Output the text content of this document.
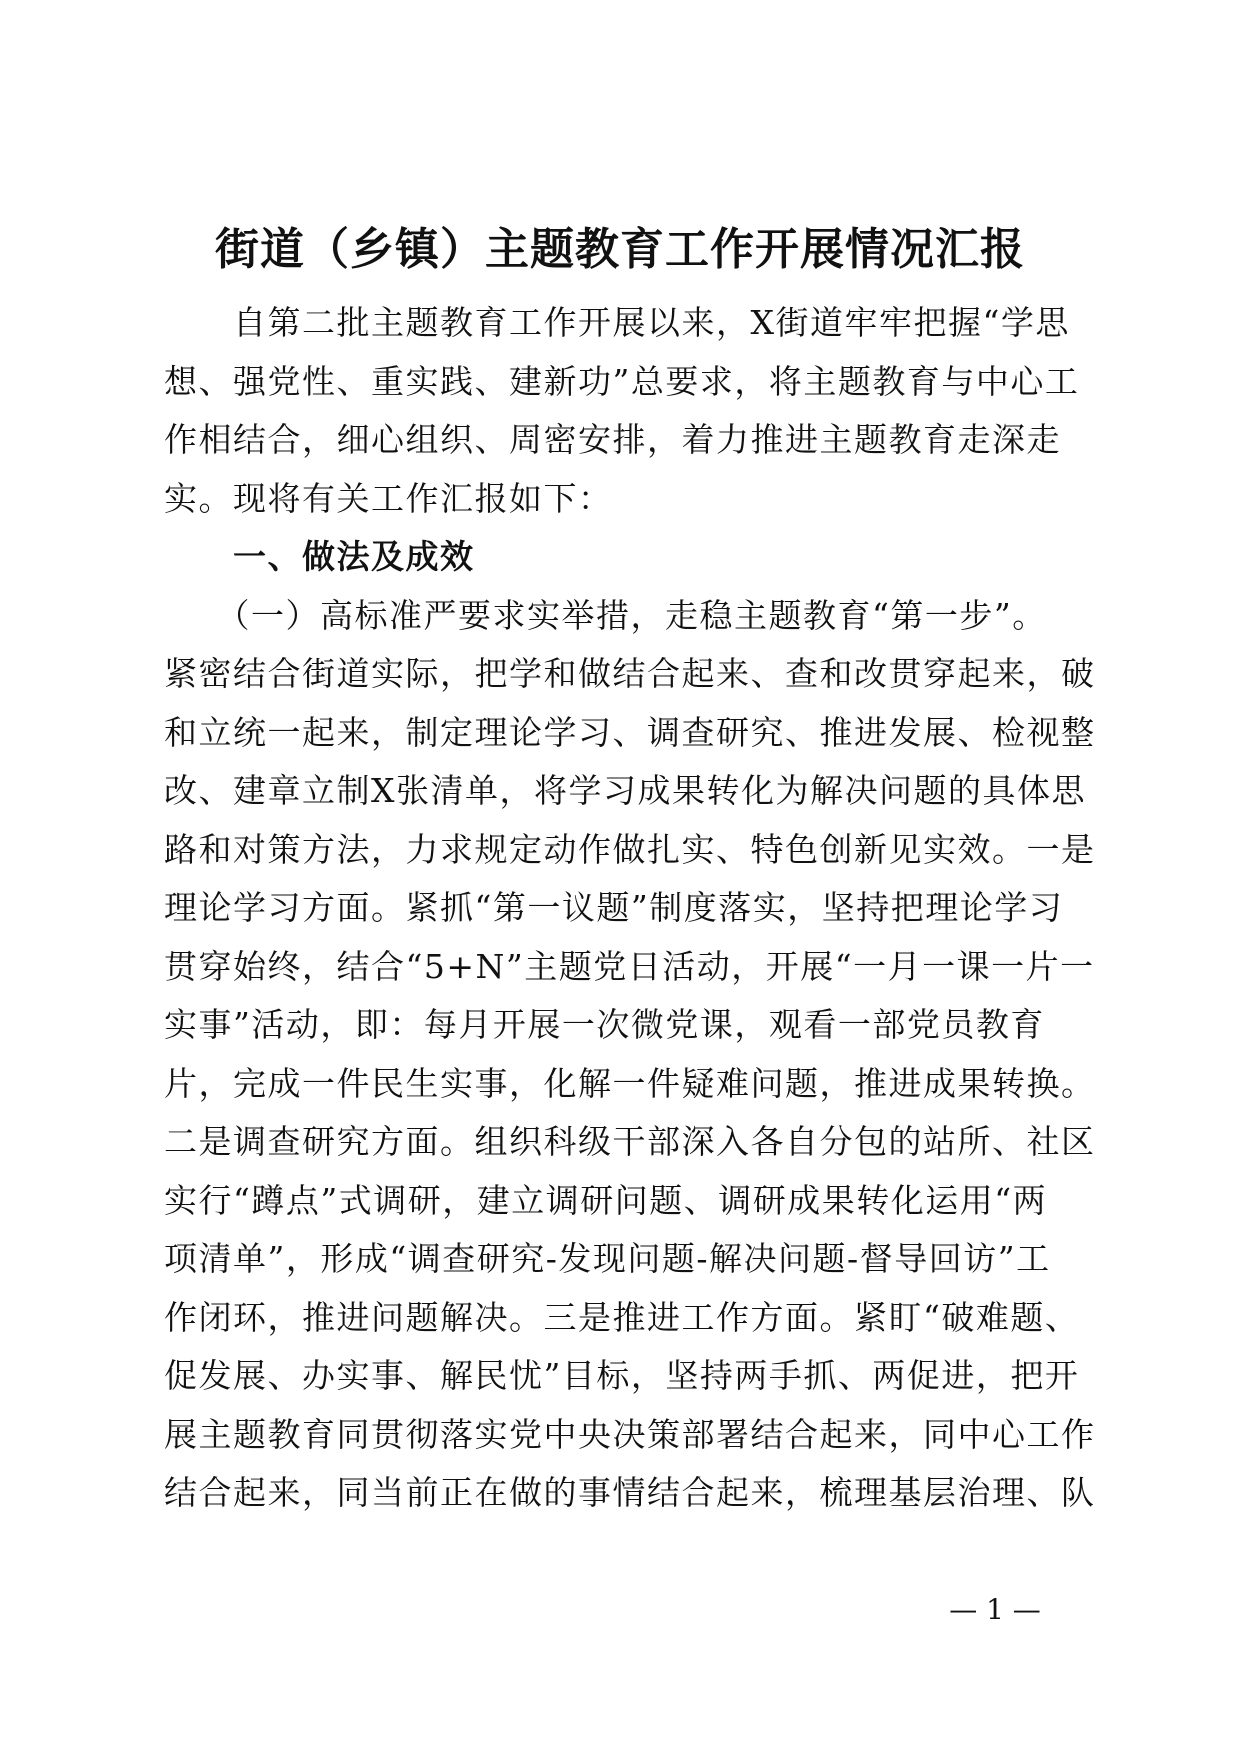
街道（乡镇）主题教育工作开展情况汇报
　　自第二批主题教育工作开展以来，X街道牢牢把握“学思
想、强党性、重实践、建新功”总要求，将主题教育与中心工
作相结合，细心组织、周密安排，着力推进主题教育走深走
实。现将有关工作汇报如下：
　　一、做法及成效
　　（一）高标准严要求实举措，走稳主题教育“第一步”。
紧密结合街道实际，把学和做结合起来、查和改贯穿起来，破
和立统一起来，制定理论学习、调查研究、推进发展、检视整
改、建章立制X张清单，将学习成果转化为解决问题的具体思
路和对策方法，力求规定动作做扎实、特色创新见实效。一是
理论学习方面。紧抓“第一议题”制度落实，坚持把理论学习
贯穿始终，结合“5+N”主题党日活动，开展“一月一课一片一
实事”活动，即：每月开展一次微党课，观看一部党员教育
片，完成一件民生实事，化解一件疑难问题，推进成果转换。
二是调查研究方面。组织科级干部深入各自分包的站所、社区
实行“蹲点”式调研，建立调研问题、调研成果转化运用“两
项清单”，形成“调查研究-发现问题-解决问题-督导回访”工
作闭环，推进问题解决。三是推进工作方面。紧盯“破难题、
促发展、办实事、解民忧”目标，坚持两手抓、两促进，把开
展主题教育同贯彻落实党中央决策部署结合起来，同中心工作
结合起来，同当前正在做的事情结合起来，梳理基层治理、队
— 1 —
